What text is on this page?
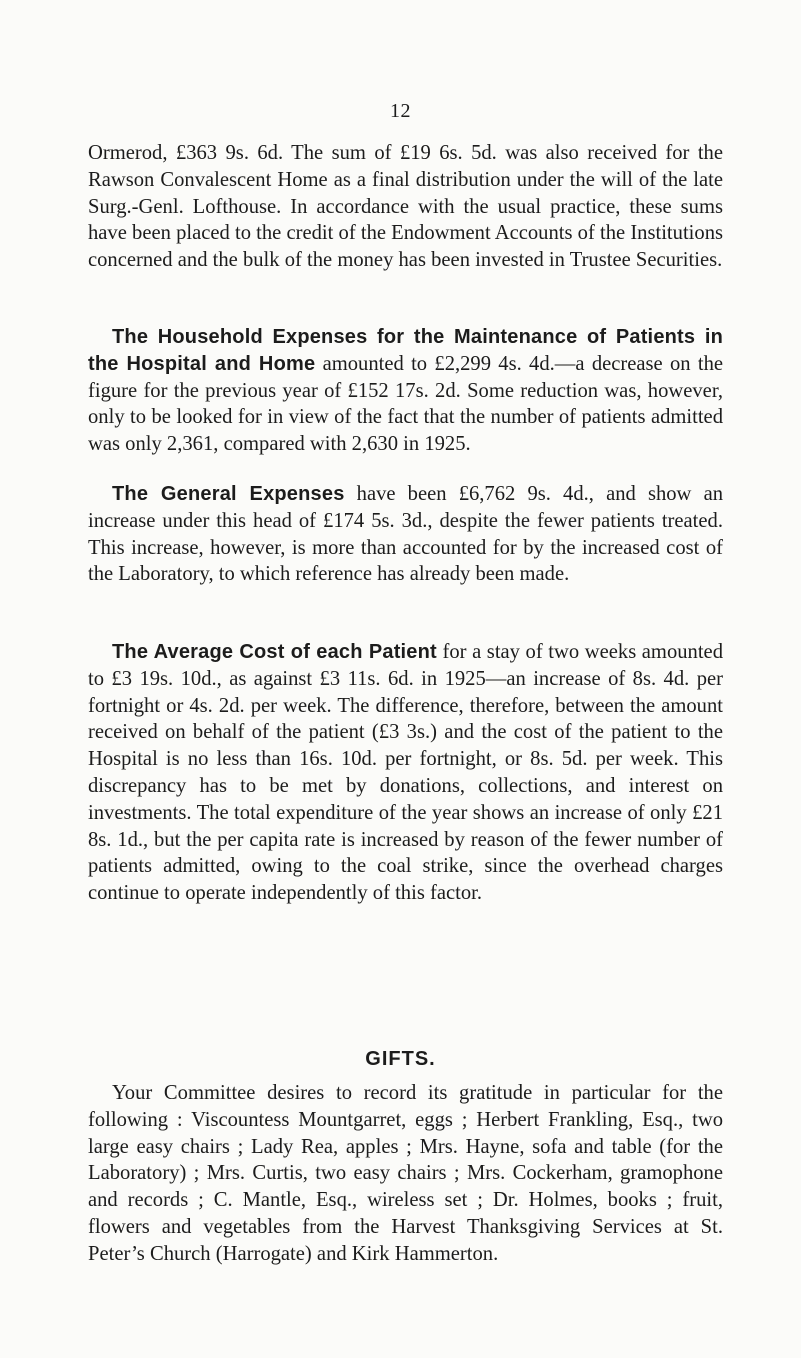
12

Ormerod, £363 9s. 6d. The sum of £19 6s. 5d. was also received for the Rawson Convalescent Home as a final distribution under the will of the late Surg.-Genl. Lofthouse. In accordance with the usual practice, these sums have been placed to the credit of the Endowment Accounts of the Institutions concerned and the bulk of the money has been invested in Trustee Securities.

The Household Expenses for the Maintenance of Patients in the Hospital and Home amounted to £2,299 4s. 4d.—a decrease on the figure for the previous year of £152 17s. 2d. Some reduction was, however, only to be looked for in view of the fact that the number of patients admitted was only 2,361, compared with 2,630 in 1925.

The General Expenses have been £6,762 9s. 4d., and show an increase under this head of £174 5s. 3d., despite the fewer patients treated. This increase, however, is more than accounted for by the increased cost of the Laboratory, to which reference has already been made.

The Average Cost of each Patient for a stay of two weeks amounted to £3 19s. 10d., as against £3 11s. 6d. in 1925—an increase of 8s. 4d. per fortnight or 4s. 2d. per week. The difference, therefore, between the amount received on behalf of the patient (£3 3s.) and the cost of the patient to the Hospital is no less than 16s. 10d. per fortnight, or 8s. 5d. per week. This discrepancy has to be met by donations, collections, and interest on investments. The total expenditure of the year shows an increase of only £21 8s. 1d., but the per capita rate is increased by reason of the fewer number of patients admitted, owing to the coal strike, since the overhead charges continue to operate independently of this factor.

GIFTS.

Your Committee desires to record its gratitude in particular for the following : Viscountess Mountgarret, eggs ; Herbert Frankling, Esq., two large easy chairs ; Lady Rea, apples ; Mrs. Hayne, sofa and table (for the Laboratory) ; Mrs. Curtis, two easy chairs ; Mrs. Cockerham, gramophone and records ; C. Mantle, Esq., wireless set ; Dr. Holmes, books ; fruit, flowers and vegetables from the Harvest Thanksgiving Services at St. Peter’s Church (Harrogate) and Kirk Hammerton.
